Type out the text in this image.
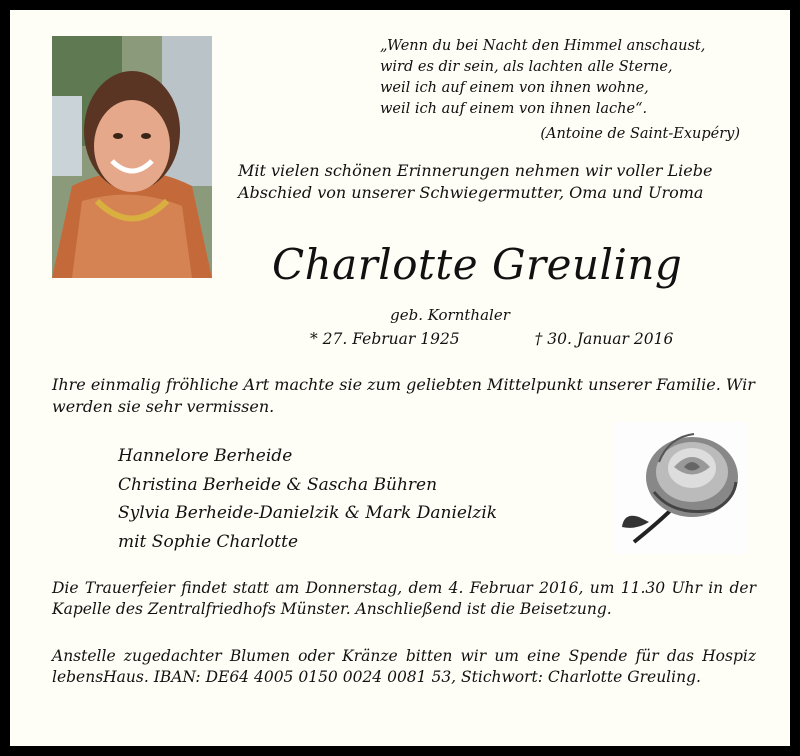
„Wenn du bei Nacht den Himmel anschaust,
wird es dir sein, als lachten alle Sterne,
weil ich auf einem von ihnen wohne,
weil ich auf einem von ihnen lache“.
(Antoine de Saint-Exupéry)
Mit vielen schönen Erinnerungen nehmen wir voller Liebe Abschied von unserer Schwiegermutter, Oma und Uroma
Charlotte Greuling
geb. Kornthaler
* 27. Februar 1925	† 30. Januar 2016
Ihre einmalig fröhliche Art machte sie zum geliebten Mittelpunkt unserer Familie. Wir werden sie sehr vermissen.
Hannelore Berheide
Christina Berheide & Sascha Bühren
Sylvia Berheide-Danielzik & Mark Danielzik
mit Sophie Charlotte
Die Trauerfeier findet statt am Donnerstag, dem 4. Februar 2016, um 11.30 Uhr in der Kapelle des Zentralfriedhofs Münster. Anschließend ist die Beisetzung.
Anstelle zugedachter Blumen oder Kränze bitten wir um eine Spende für das Hospiz lebensHaus. IBAN: DE64 4005 0150 0024 0081 53, Stichwort: Charlotte Greuling.
